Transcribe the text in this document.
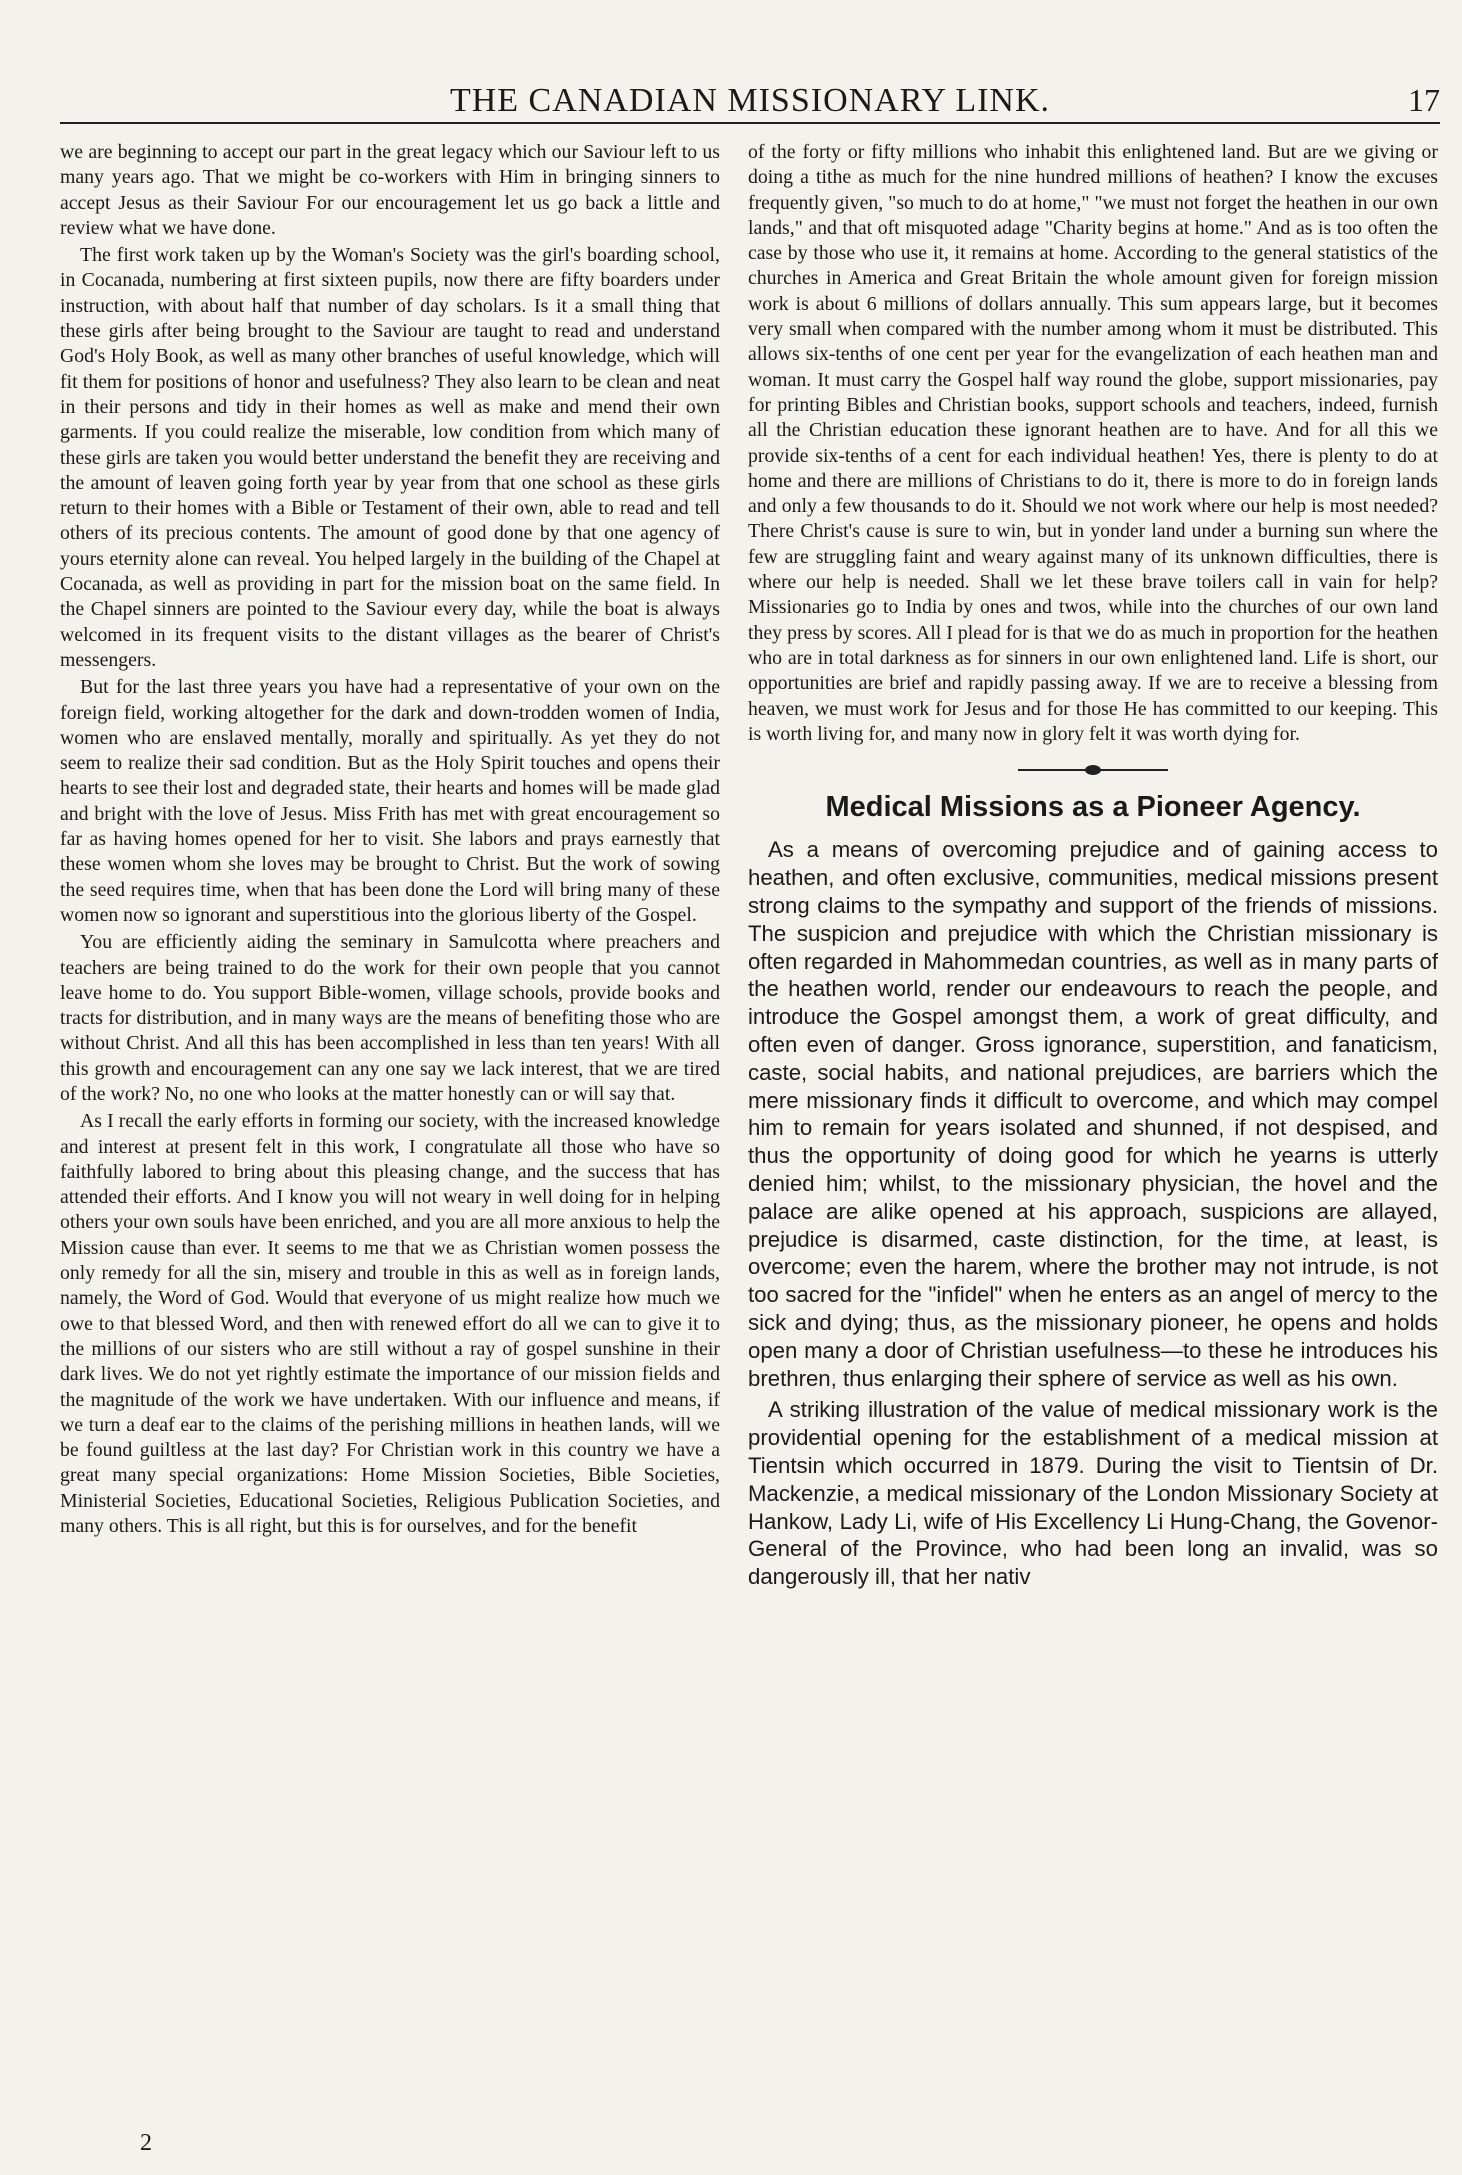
THE CANADIAN MISSIONARY LINK.	17

we are beginning to accept our part in the great legacy which our Saviour left to us many years ago. That we might be co-workers with Him in bringing sinners to accept Jesus as their Saviour For our encouragement let us go back a little and review what we have done.

The first work taken up by the Woman's Society was the girl's boarding school, in Cocanada, numbering at first sixteen pupils, now there are fifty boarders under instruction, with about half that number of day scholars. Is it a small thing that these girls after being brought to the Saviour are taught to read and understand God's Holy Book, as well as many other branches of useful knowledge, which will fit them for positions of honor and usefulness? They also learn to be clean and neat in their persons and tidy in their homes as well as make and mend their own garments. If you could realize the miserable, low condition from which many of these girls are taken you would better understand the benefit they are receiving and the amount of leaven going forth year by year from that one school as these girls return to their homes with a Bible or Testament of their own, able to read and tell others of its precious contents. The amount of good done by that one agency of yours eternity alone can reveal. You helped largely in the building of the Chapel at Cocanada, as well as providing in part for the mission boat on the same field. In the Chapel sinners are pointed to the Saviour every day, while the boat is always welcomed in its frequent visits to the distant villages as the bearer of Christ's messengers.

But for the last three years you have had a representative of your own on the foreign field, working altogether for the dark and down-trodden women of India, women who are enslaved mentally, morally and spiritually. As yet they do not seem to realize their sad condition. But as the Holy Spirit touches and opens their hearts to see their lost and degraded state, their hearts and homes will be made glad and bright with the love of Jesus. Miss Frith has met with great encouragement so far as having homes opened for her to visit. She labors and prays earnestly that these women whom she loves may be brought to Christ. But the work of sowing the seed requires time, when that has been done the Lord will bring many of these women now so ignorant and superstitious into the glorious liberty of the Gospel.

You are efficiently aiding the seminary in Samulcotta where preachers and teachers are being trained to do the work for their own people that you cannot leave home to do. You support Bible-women, village schools, provide books and tracts for distribution, and in many ways are the means of benefiting those who are without Christ. And all this has been accomplished in less than ten years! With all this growth and encouragement can any one say we lack interest, that we are tired of the work? No, no one who looks at the matter honestly can or will say that.

As I recall the early efforts in forming our society, with the increased knowledge and interest at present felt in this work, I congratulate all those who have so faithfully labored to bring about this pleasing change, and the success that has attended their efforts. And I know you will not weary in well doing for in helping others your own souls have been enriched, and you are all more anxious to help the Mission cause than ever. It seems to me that we as Christian women possess the only remedy for all the sin, misery and trouble in this as well as in foreign lands, namely, the Word of God. Would that everyone of us might realize how much we owe to that blessed Word, and then with renewed effort do all we can to give it to the millions of our sisters who are still without a ray of gospel sunshine in their dark lives. We do not yet rightly estimate the importance of our mission fields and the magnitude of the work we have undertaken. With our influence and means, if we turn a deaf ear to the claims of the perishing millions in heathen lands, will we be found guiltless at the last day? For Christian work in this country we have a great many special organizations: Home Mission Societies, Bible Societies, Ministerial Societies, Educational Societies, Religious Publication Societies, and many others. This is all right, but this is for ourselves, and for the benefit

of the forty or fifty millions who inhabit this enlightened land. But are we giving or doing a tithe as much for the nine hundred millions of heathen? I know the excuses frequently given, "so much to do at home," "we must not forget the heathen in our own lands," and that oft misquoted adage "Charity begins at home." And as is too often the case by those who use it, it remains at home. According to the general statistics of the churches in America and Great Britain the whole amount given for foreign mission work is about 6 millions of dollars annually. This sum appears large, but it becomes very small when compared with the number among whom it must be distributed. This allows six-tenths of one cent per year for the evangelization of each heathen man and woman. It must carry the Gospel half way round the globe, support missionaries, pay for printing Bibles and Christian books, support schools and teachers, indeed, furnish all the Christian education these ignorant heathen are to have. And for all this we provide six-tenths of a cent for each individual heathen! Yes, there is plenty to do at home and there are millions of Christians to do it, there is more to do in foreign lands and only a few thousands to do it. Should we not work where our help is most needed? There Christ's cause is sure to win, but in yonder land under a burning sun where the few are struggling faint and weary against many of its unknown difficulties, there is where our help is needed. Shall we let these brave toilers call in vain for help? Missionaries go to India by ones and twos, while into the churches of our own land they press by scores. All I plead for is that we do as much in proportion for the heathen who are in total darkness as for sinners in our own enlightened land. Life is short, our opportunities are brief and rapidly passing away. If we are to receive a blessing from heaven, we must work for Jesus and for those He has committed to our keeping. This is worth living for, and many now in glory felt it was worth dying for.

Medical Missions as a Pioneer Agency.

As a means of overcoming prejudice and of gaining access to heathen, and often exclusive, communities, medical missions present strong claims to the sympathy and support of the friends of missions. The suspicion and prejudice with which the Christian missionary is often regarded in Mahommedan countries, as well as in many parts of the heathen world, render our endeavours to reach the people, and introduce the Gospel amongst them, a work of great difficulty, and often even of danger. Gross ignorance, superstition, and fanaticism, caste, social habits, and national prejudices, are barriers which the mere missionary finds it difficult to overcome, and which may compel him to remain for years isolated and shunned, if not despised, and thus the opportunity of doing good for which he yearns is utterly denied him; whilst, to the missionary physician, the hovel and the palace are alike opened at his approach, suspicions are allayed, prejudice is disarmed, caste distinction, for the time, at least, is overcome; even the harem, where the brother may not intrude, is not too sacred for the "infidel" when he enters as an angel of mercy to the sick and dying; thus, as the missionary pioneer, he opens and holds open many a door of Christian usefulness—to these he introduces his brethren, thus enlarging their sphere of service as well as his own.

A striking illustration of the value of medical missionary work is the providential opening for the establishment of a medical mission at Tientsin which occurred in 1879. During the visit to Tientsin of Dr. Mackenzie, a medical missionary of the London Missionary Society at Hankow, Lady Li, wife of His Excellency Li Hung-Chang, the Govenor-General of the Province, who had been long an invalid, was so dangerously ill, that her nativ

2
